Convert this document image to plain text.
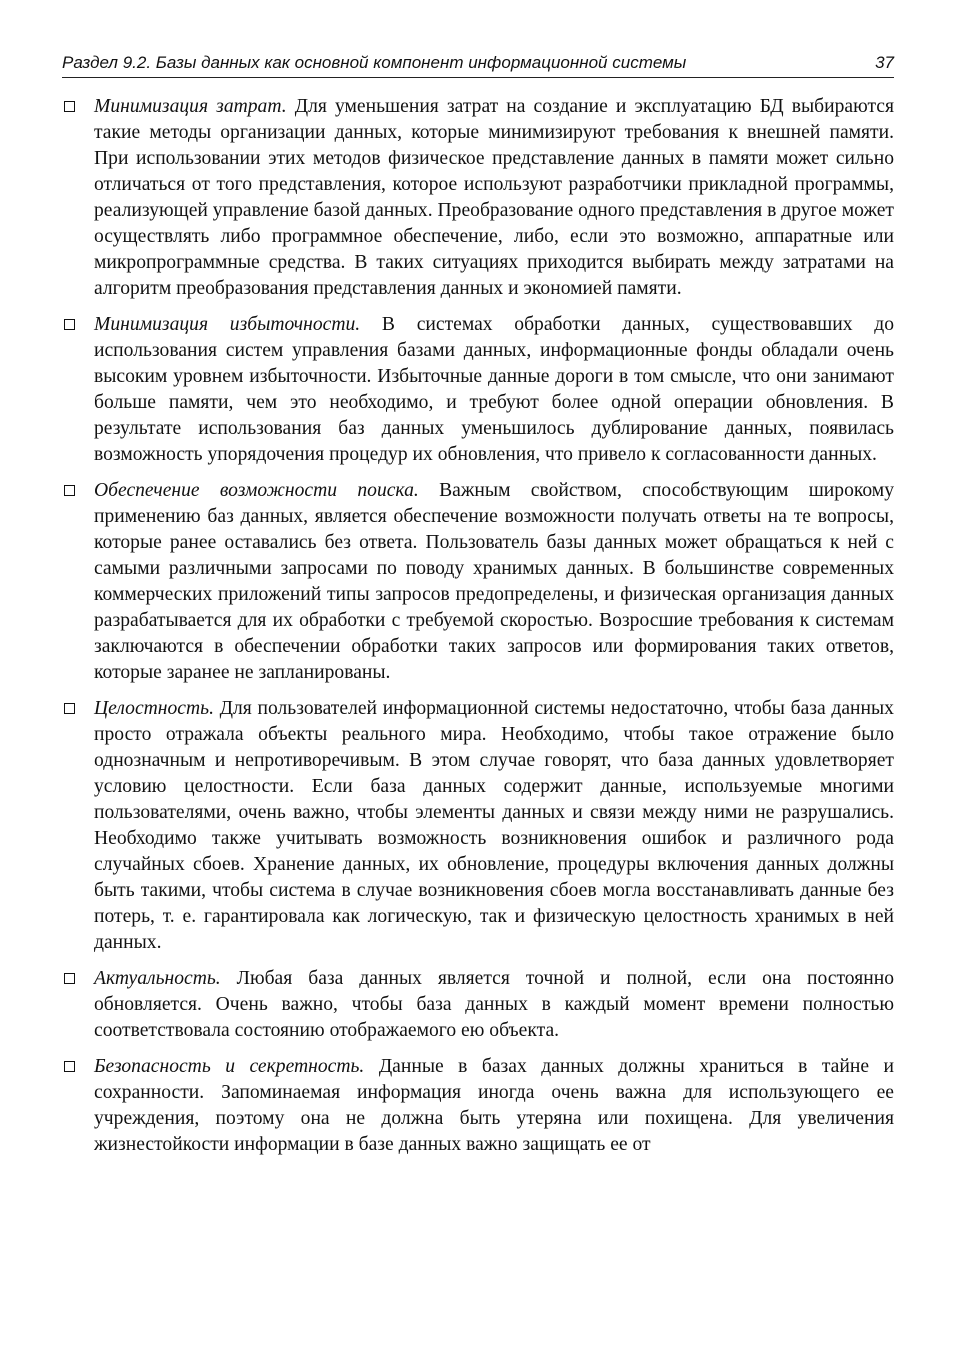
Раздел 9.2. Базы данных как основной компонент информационной системы	37

Минимизация затрат. Для уменьшения затрат на создание и эксплуатацию БД выбираются такие методы организации данных, которые минимизируют требования к внешней памяти. При использовании этих методов физическое представление данных в памяти может сильно отличаться от того представления, которое используют разработчики прикладной программы, реализующей управление базой данных. Преобразование одного представления в другое может осуществлять либо программное обеспечение, либо, если это возможно, аппаратные или микропрограммные средства. В таких ситуациях приходится выбирать между затратами на алгоритм преобразования представления данных и экономией памяти.

Минимизация избыточности. В системах обработки данных, существовавших до использования систем управления базами данных, информационные фонды обладали очень высоким уровнем избыточности. Избыточные данные дороги в том смысле, что они занимают больше памяти, чем это необходимо, и требуют более одной операции обновления. В результате использования баз данных уменьшилось дублирование данных, появилась возможность упорядочения процедур их обновления, что привело к согласованности данных.

Обеспечение возможности поиска. Важным свойством, способствующим широкому применению баз данных, является обеспечение возможности получать ответы на те вопросы, которые ранее оставались без ответа. Пользователь базы данных может обращаться к ней с самыми различными запросами по поводу хранимых данных. В большинстве современных коммерческих приложений типы запросов предопределены, и физическая организация данных разрабатывается для их обработки с требуемой скоростью. Возросшие требования к системам заключаются в обеспечении обработки таких запросов или формирования таких ответов, которые заранее не запланированы.

Целостность. Для пользователей информационной системы недостаточно, чтобы база данных просто отражала объекты реального мира. Необходимо, чтобы такое отражение было однозначным и непротиворечивым. В этом случае говорят, что база данных удовлетворяет условию целостности. Если база данных содержит данные, используемые многими пользователями, очень важно, чтобы элементы данных и связи между ними не разрушались. Необходимо также учитывать возможность возникновения ошибок и различного рода случайных сбоев. Хранение данных, их обновление, процедуры включения данных должны быть такими, чтобы система в случае возникновения сбоев могла восстанавливать данные без потерь, т. е. гарантировала как логическую, так и физическую целостность хранимых в ней данных.

Актуальность. Любая база данных является точной и полной, если она постоянно обновляется. Очень важно, чтобы база данных в каждый момент времени полностью соответствовала состоянию отображаемого ею объекта.

Безопасность и секретность. Данные в базах данных должны храниться в тайне и сохранности. Запоминаемая информация иногда очень важна для использующего ее учреждения, поэтому она не должна быть утеряна или похищена. Для увеличения жизнестойкости информации в базе данных важно защищать ее от
